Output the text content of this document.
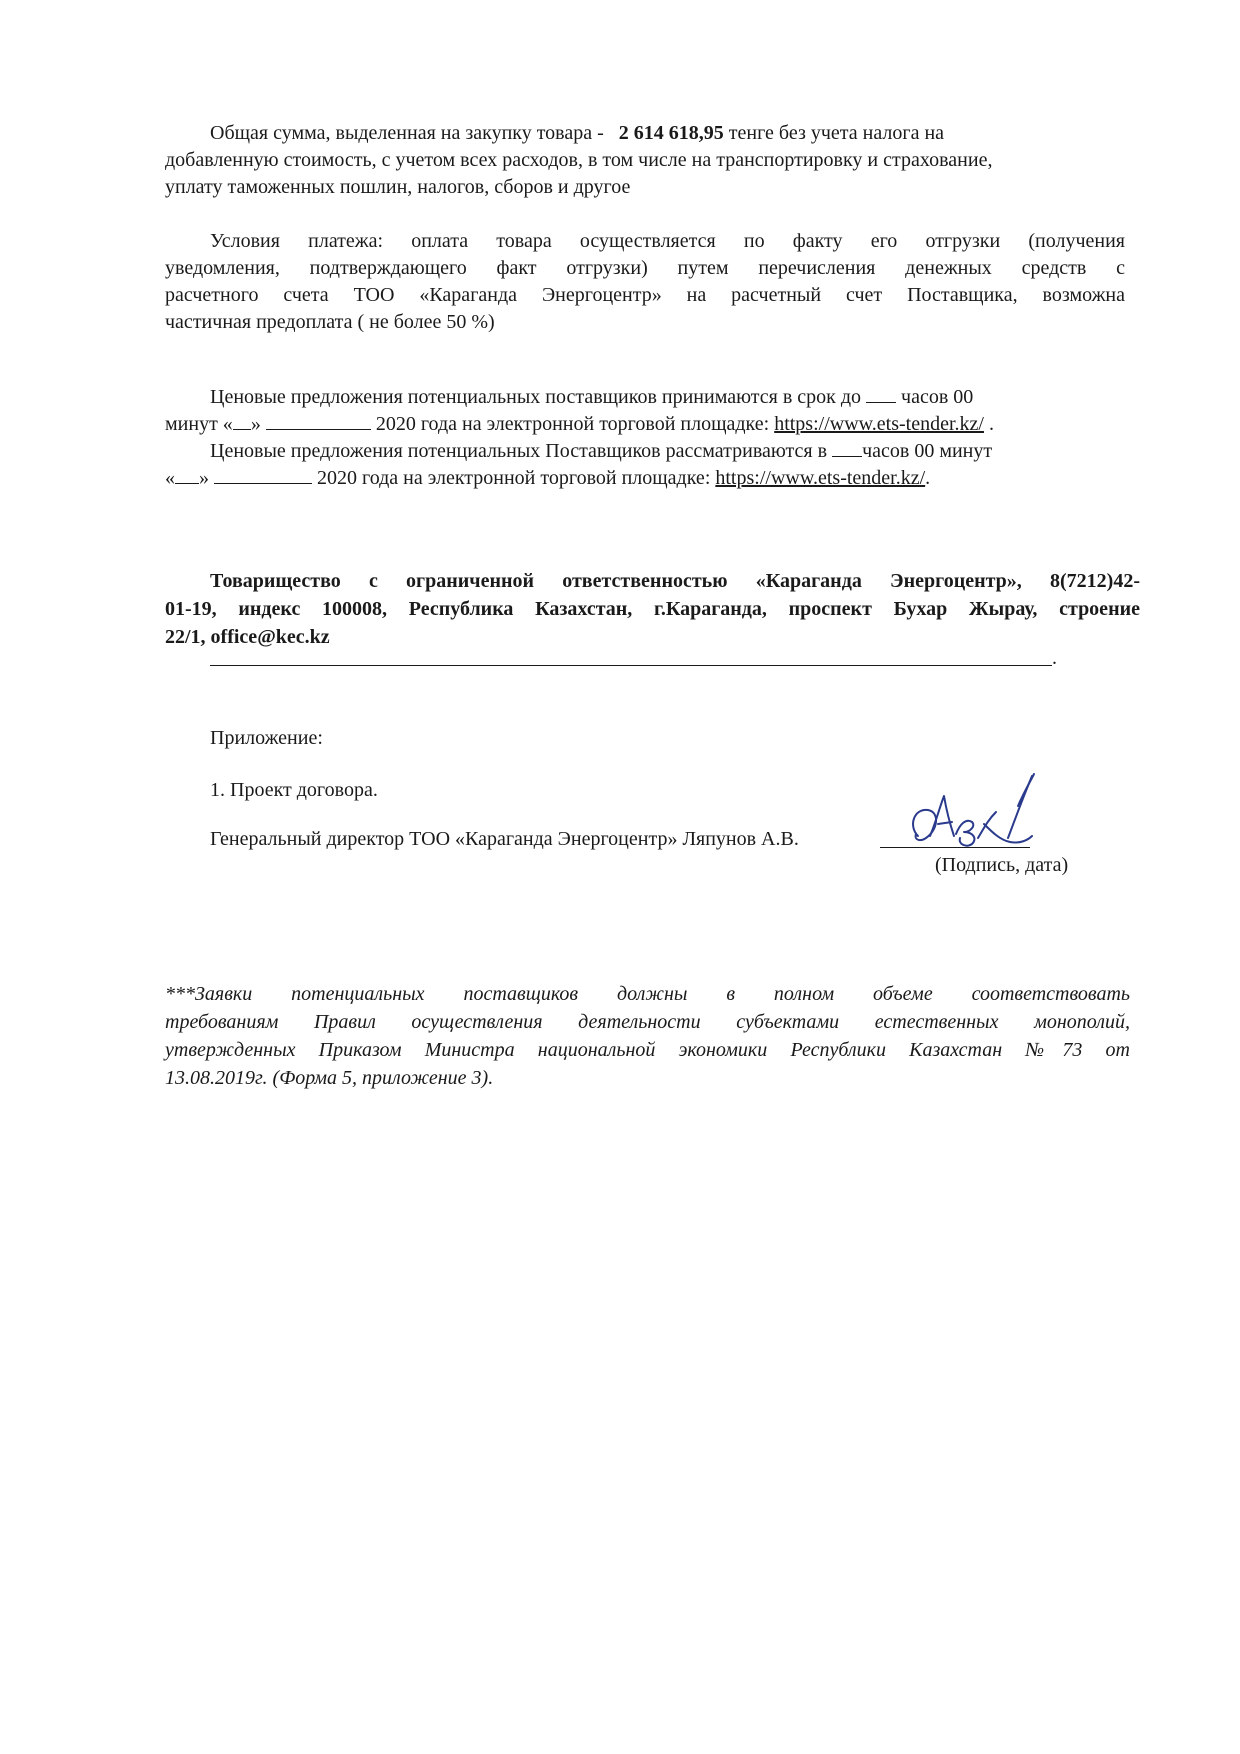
Общая сумма, выделенная на закупку товара - 2 614 618,95 тенге без учета налога на
добавленную стоимость, с учетом всех расходов, в том числе на транспортировку и страхование,
уплату таможенных пошлин, налогов, сборов и другое
Условия платежа: оплата товара осуществляется по факту его отгрузки (получения
уведомления, подтверждающего факт отгрузки) путем перечисления денежных средств с
расчетного счета ТОО «Караганда Энергоцентр» на расчетный счет Поставщика, возможна
частичная предоплата ( не более 50 %)
Ценовые предложения потенциальных поставщиков принимаются в срок до часов 00
минут « »	2020 года на электронной торговой площадке: https://www.ets-tender.kz/ .
Ценовые предложения потенциальных Поставщиков рассматриваются в часов 00 минут
« »	2020 года на электронной торговой площадке: https://www.ets-tender.kz/.
Товарищество с ограниченной ответственностью «Караганда Энергоцентр», 8(7212)42-
01-19, индекс 100008, Республика Казахстан, г.Караганда, проспект Бухар Жырау, строение
22/1, office@kec.kz
.
Приложение:
1. Проект договора.
Генеральный директор ТОО «Караганда Энергоцентр» Ляпунов А.В.
(Подпись, дата)
***Заявки потенциальных поставщиков должны в полном объеме соответствовать
требованиям Правил осуществления деятельности субъектами естественных монополий,
утвержденных Приказом Министра национальной экономики Республики Казахстан №73 от
13.08.2019г. (Форма 5, приложение 3).
